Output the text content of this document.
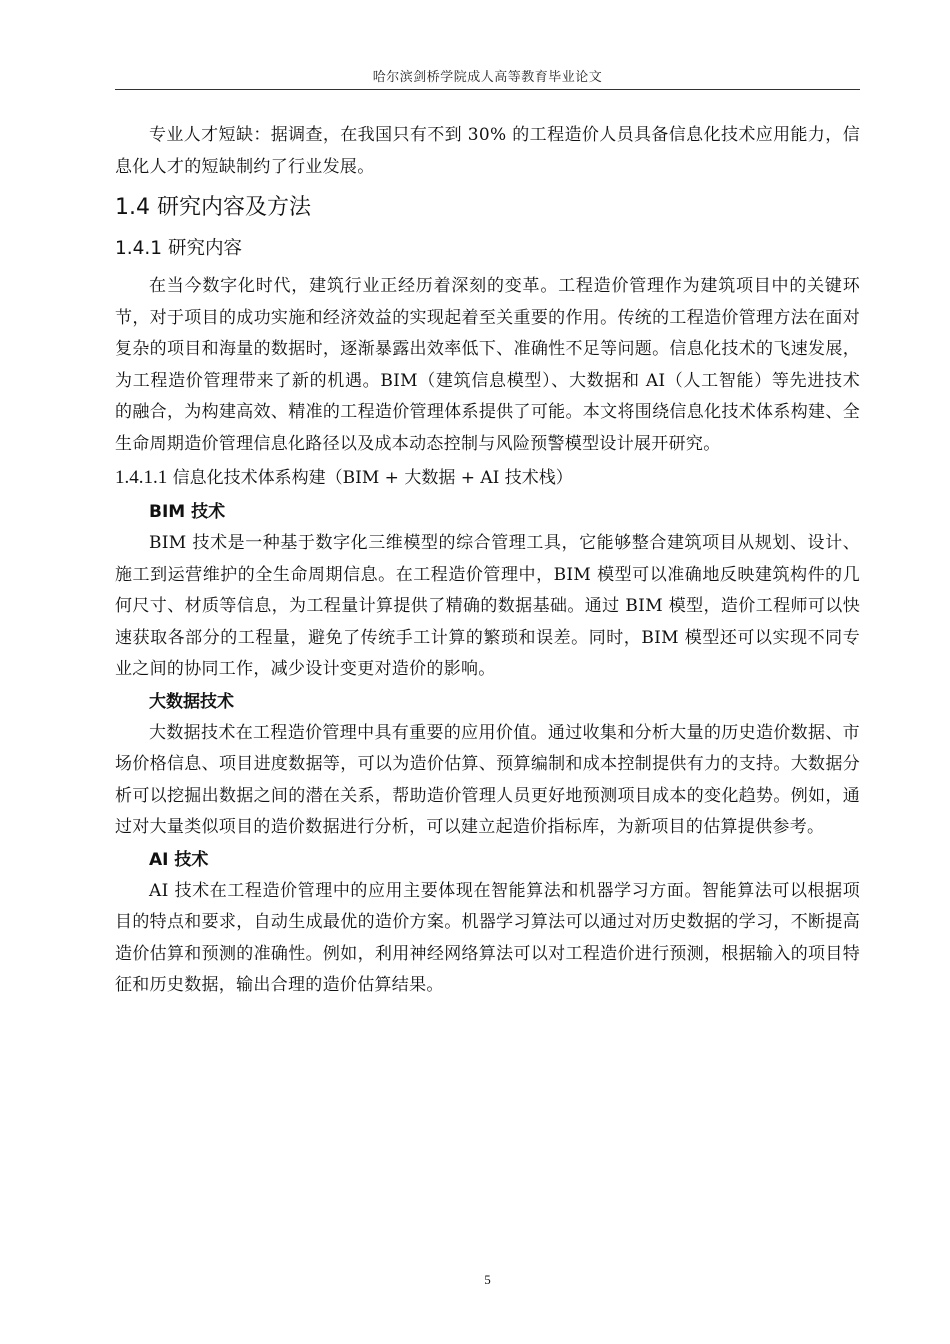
哈尔滨剑桥学院成人高等教育毕业论文

专业人才短缺：据调查，在我国只有不到 30% 的工程造价人员具备信息化技术应用能力，信息化人才的短缺制约了行业发展。

1.4 研究内容及方法
1.4.1 研究内容

在当今数字化时代，建筑行业正经历着深刻的变革。工程造价管理作为建筑项目中的关键环节，对于项目的成功实施和经济效益的实现起着至关重要的作用。传统的工程造价管理方法在面对复杂的项目和海量的数据时，逐渐暴露出效率低下、准确性不足等问题。信息化技术的飞速发展，为工程造价管理带来了新的机遇。BIM（建筑信息模型）、大数据和 AI（人工智能）等先进技术的融合，为构建高效、精准的工程造价管理体系提供了可能。本文将围绕信息化技术体系构建、全生命周期造价管理信息化路径以及成本动态控制与风险预警模型设计展开研究。

1.4.1.1 信息化技术体系构建（BIM + 大数据 + AI 技术栈）
BIM 技术

BIM 技术是一种基于数字化三维模型的综合管理工具，它能够整合建筑项目从规划、设计、施工到运营维护的全生命周期信息。在工程造价管理中，BIM 模型可以准确地反映建筑构件的几何尺寸、材质等信息，为工程量计算提供了精确的数据基础。通过 BIM 模型，造价工程师可以快速获取各部分的工程量，避免了传统手工计算的繁琐和误差。同时，BIM 模型还可以实现不同专业之间的协同工作，减少设计变更对造价的影响。

大数据技术

大数据技术在工程造价管理中具有重要的应用价值。通过收集和分析大量的历史造价数据、市场价格信息、项目进度数据等，可以为造价估算、预算编制和成本控制提供有力的支持。大数据分析可以挖掘出数据之间的潜在关系，帮助造价管理人员更好地预测项目成本的变化趋势。例如，通过对大量类似项目的造价数据进行分析，可以建立起造价指标库，为新项目的估算提供参考。

AI 技术

AI 技术在工程造价管理中的应用主要体现在智能算法和机器学习方面。智能算法可以根据项目的特点和要求，自动生成最优的造价方案。机器学习算法可以通过对历史数据的学习，不断提高造价估算和预测的准确性。例如，利用神经网络算法可以对工程造价进行预测，根据输入的项目特征和历史数据，输出合理的造价估算结果。

5
